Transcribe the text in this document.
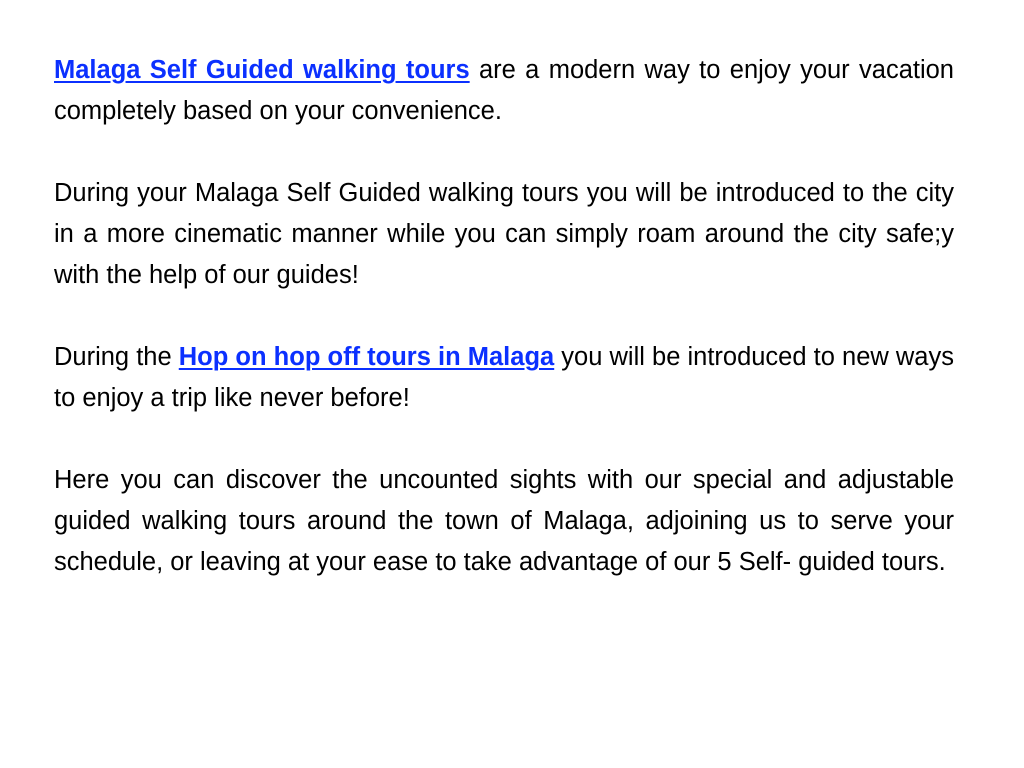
Malaga Self Guided walking tours are a modern way to enjoy your vacation completely based on your convenience.

During your Malaga Self Guided walking tours you will be introduced to the city in a more cinematic manner while you can simply roam around the city safe;y with the help of our guides!

During the Hop on hop off tours in Malaga you will be introduced to new ways to enjoy a trip like never before!

Here you can discover the uncounted sights with our special and adjustable guided walking tours around the town of Malaga, adjoining us to serve your schedule, or leaving at your ease to take advantage of our 5 Self- guided tours.
